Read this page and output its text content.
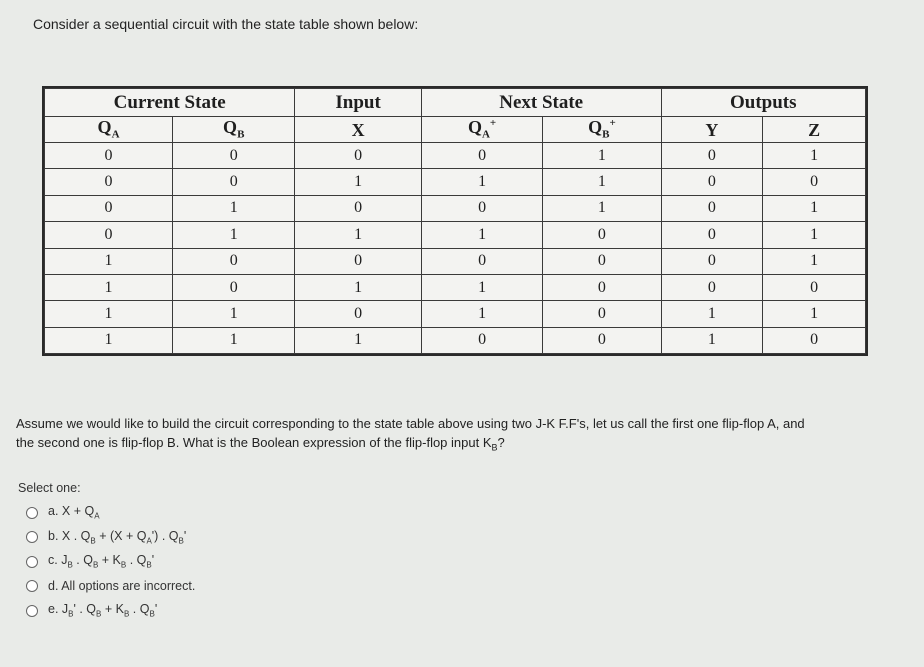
Consider a sequential circuit with the state table shown below:
Current State		Input	Next State		Outputs	
$Q_A$	$Q_B$	X	$Q_A^+$	$Q_B^+$	Y	Z
0	0	0	0	1	0	1
0	0	1	1	1	0	0
0	1	0	0	1	0	1
0	1	1	1	0	0	1
1	0	0	0	0	0	1
1	0	1	1	0	0	0
1	1	0	1	0	1	1
1	1	1	0	0	1	0
Assume we would like to build the circuit corresponding to the state table above using two J-K F.F's, let us call the first one flip-flop A, and
the second one is flip-flop B. What is the Boolean expression of the flip-flop input $K_B$?
Select one:
a. $X + Q_A$
b. X . $Q_B + (X + Q_A')$ . $Q_B'$
c. $J_B$ . $Q_B + K_B$ . $Q_B'$
d. All options are incorrect.
e. $J_B'$ . $Q_B + K_B$ . $Q_B'$
